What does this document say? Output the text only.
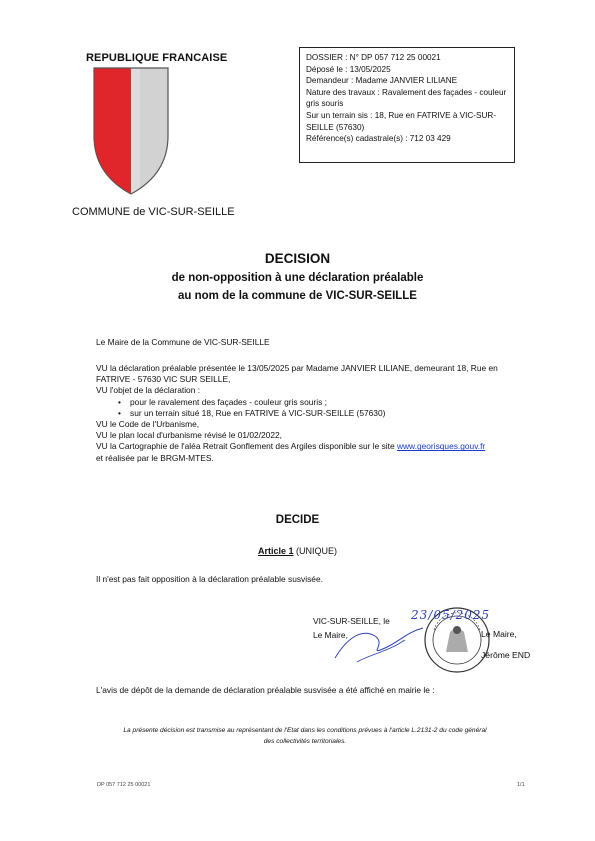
REPUBLIQUE FRANCAISE	DOSSIER : N° DP 057 712 25 00021
Déposé le : 13/05/2025
Demandeur : Madame JANVIER LILIANE
Nature des travaux : Ravalement des façades - couleur gris souris
Sur un terrain sis : 18, Rue en FATRIVE à VIC-SUR-SEILLE (57630)
Référence(s) cadastrale(s) : 712 03 429
COMMUNE de VIC-SUR-SEILLE
DECISION
de non-opposition à une déclaration préalable
au nom de la commune de VIC-SUR-SEILLE
Le Maire de la Commune de VIC-SUR-SEILLE
VU la déclaration préalable présentée le 13/05/2025 par Madame JANVIER LILIANE, demeurant 18, Rue en FATRIVE - 57630 VIC SUR SEILLE,
VU l'objet de la déclaration :
• pour le ravalement des façades - couleur gris souris ;
• sur un terrain situé 18, Rue en FATRIVE à VIC-SUR-SEILLE (57630)
VU le Code de l'Urbanisme,
VU le plan local d'urbanisme révisé le 01/02/2022,
VU la Cartographie de l'aléa Retrait Gonflement des Argiles disponible sur le site www.georisques.gouv.fr
et réalisée par le BRGM-MTES.
DECIDE
Article 1 (UNIQUE)
Il n'est pas fait opposition à la déclaration préalable susvisée.
VIC-SUR-SEILLE, le
Le Maire,
23/05/2025
Le Maire,
Jérôme END
L'avis de dépôt de la demande de déclaration préalable susvisée a été affiché en mairie le :
La présente décision est transmise au représentant de l'Etat dans les conditions prévues à l'article L.2131-2 du code général
des collectivités territoriales.
DP 057 712 25 00021	1/1
